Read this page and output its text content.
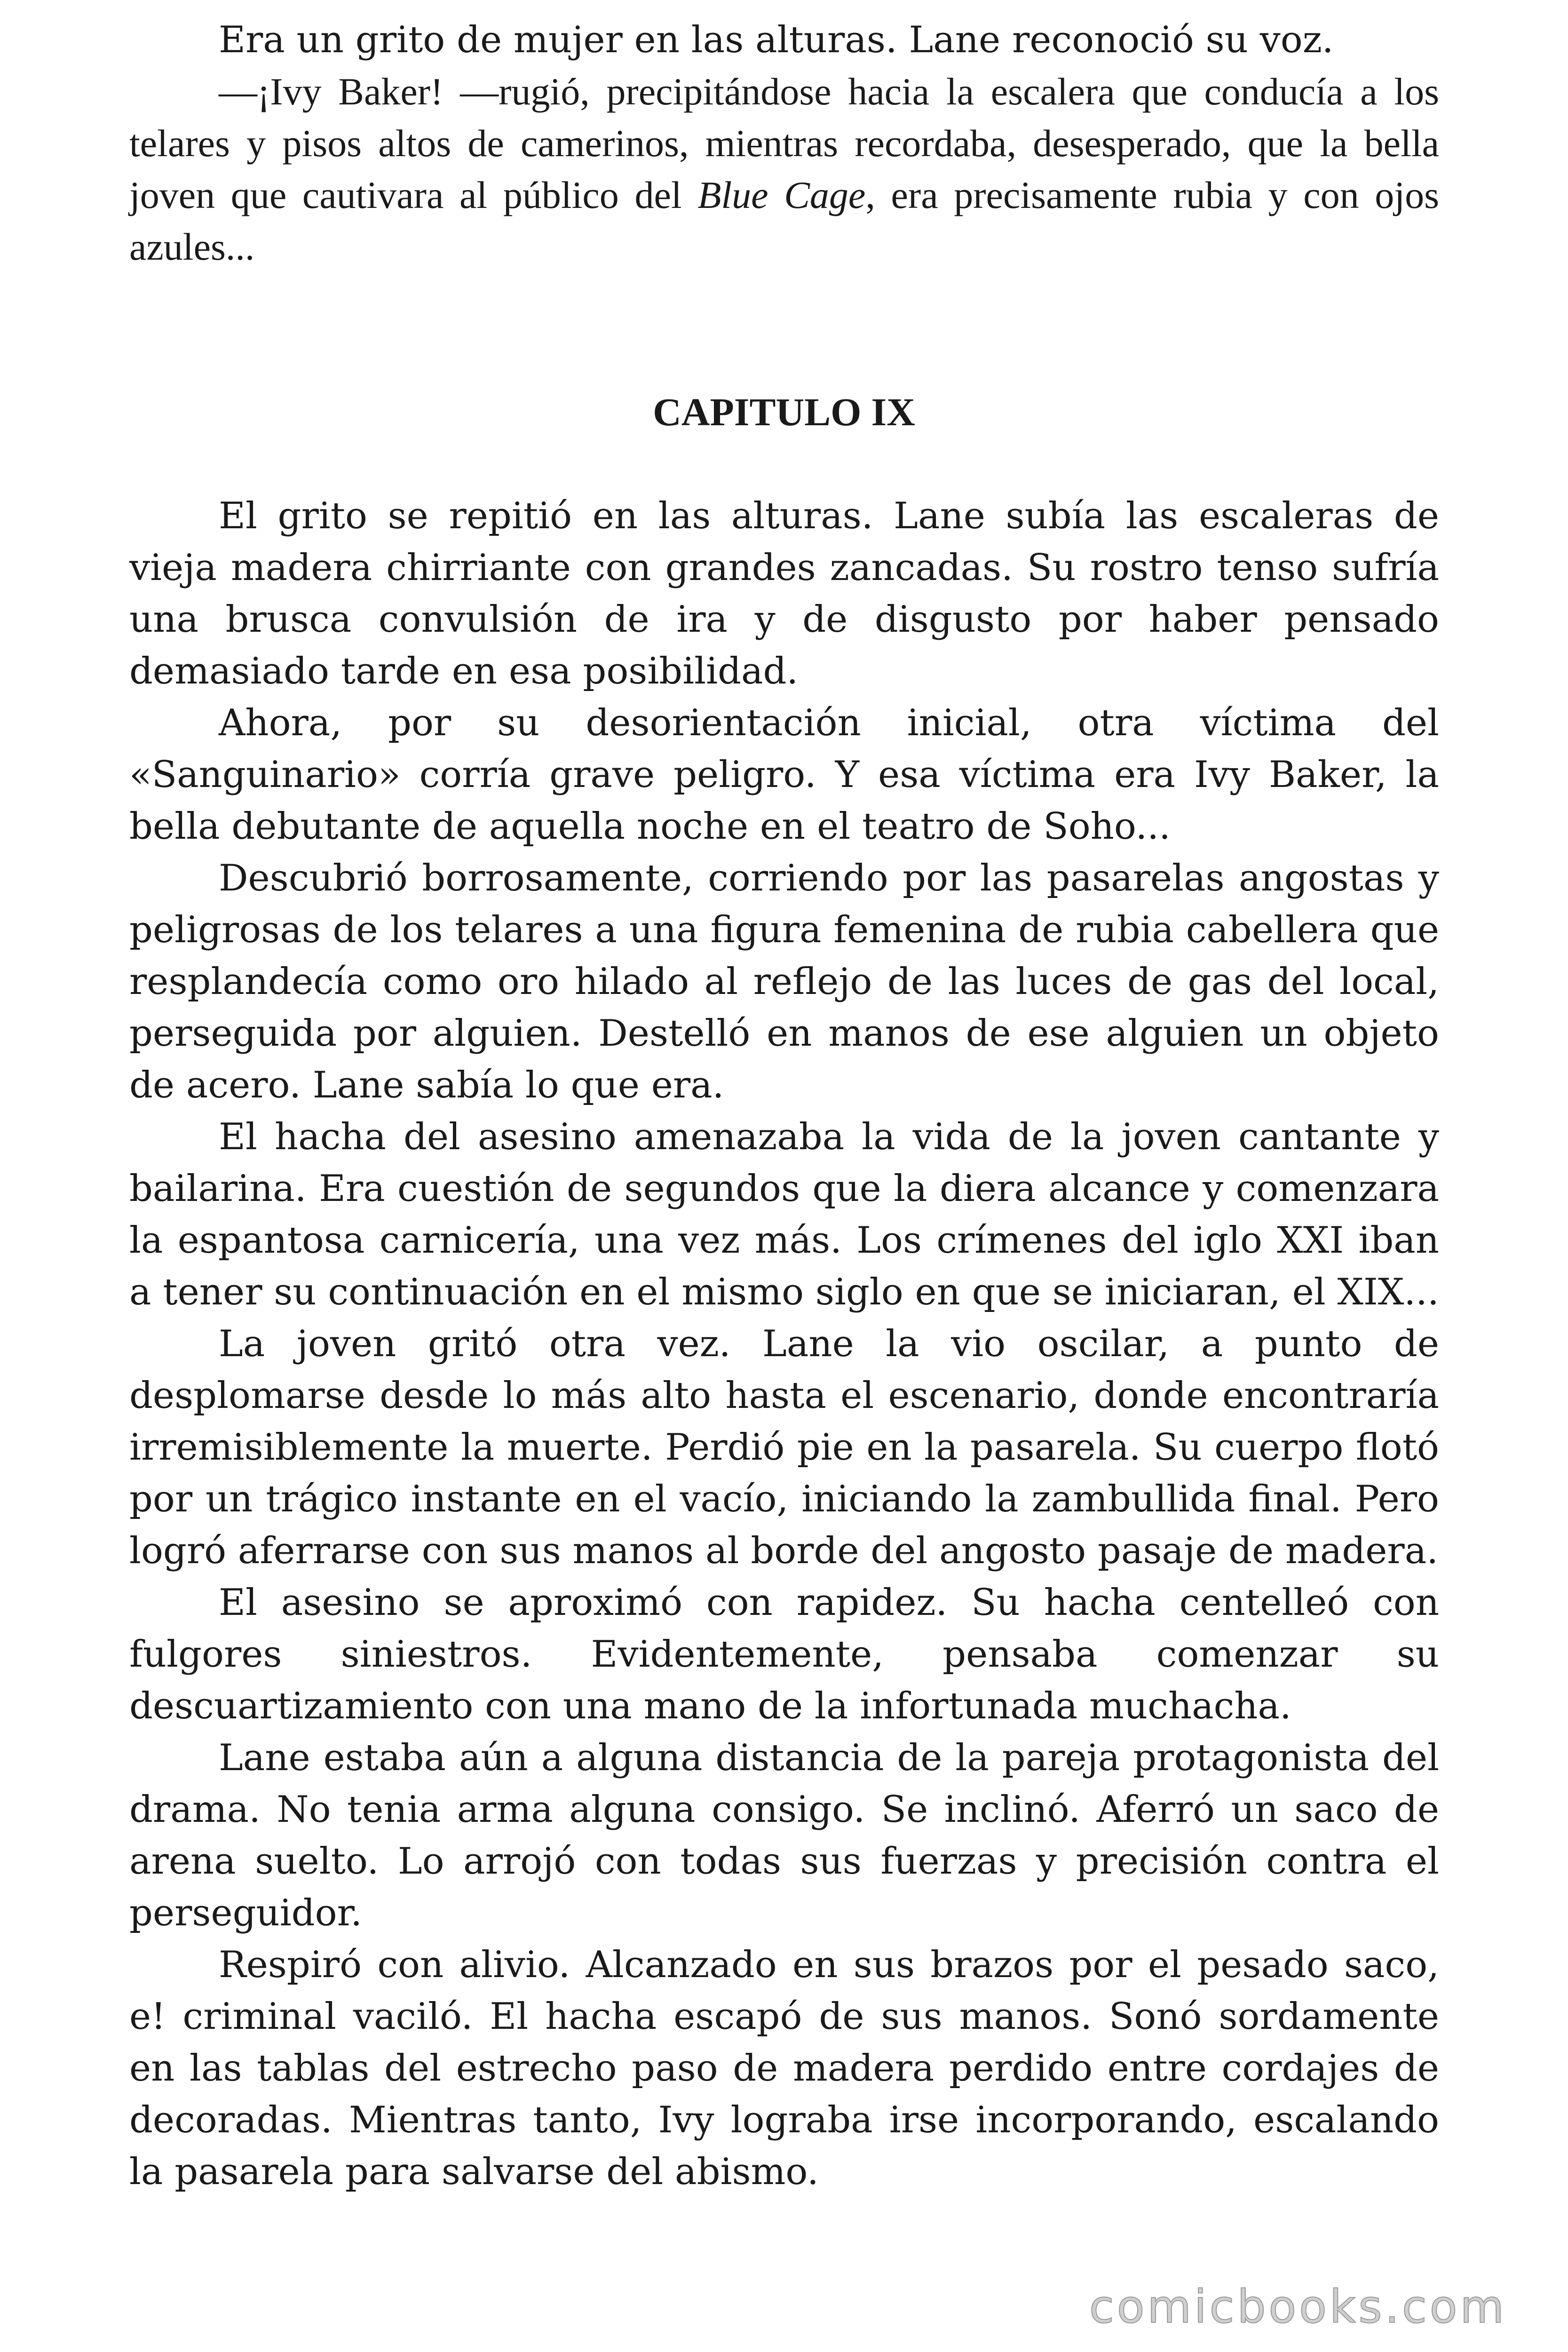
Era un grito de mujer en las alturas. Lane reconoció su voz.

—¡Ivy Baker! —rugió, precipitándose hacia la escalera que conducía a los telares y pisos altos de camerinos, mientras recordaba, desesperado, que la bella joven que cautivara al público del Blue Cage, era precisamente rubia y con ojos azules...

CAPITULO IX

El grito se repitió en las alturas. Lane subía las escaleras de vieja madera chirriante con grandes zancadas. Su rostro tenso sufría una brusca convulsión de ira y de disgusto por haber pensado demasiado tarde en esa posibilidad.

Ahora, por su desorientación inicial, otra víctima del «Sanguinario» corría grave peligro. Y esa víctima era Ivy Baker, la bella debutante de aquella noche en el teatro de Soho...

Descubrió borrosamente, corriendo por las pasarelas angostas y peligrosas de los telares a una figura femenina de rubia cabellera que resplandecía como oro hilado al reflejo de las luces de gas del local, perseguida por alguien. Destelló en manos de ese alguien un objeto de acero. Lane sabía lo que era.

El hacha del asesino amenazaba la vida de la joven cantante y bailarina. Era cuestión de segundos que la diera alcance y comenzara la espantosa carnicería, una vez más. Los crímenes del iglo XXI iban a tener su continuación en el mismo siglo en que se iniciaran, el XIX...

La joven gritó otra vez. Lane la vio oscilar, a punto de desplomarse desde lo más alto hasta el escenario, donde encontraría irremisiblemente la muerte. Perdió pie en la pasarela. Su cuerpo flotó por un trágico instante en el vacío, iniciando la zambullida final. Pero logró aferrarse con sus manos al borde del angosto pasaje de madera.

El asesino se aproximó con rapidez. Su hacha centelleó con fulgores siniestros. Evidentemente, pensaba comenzar su descuartizamiento con una mano de la infortunada muchacha.

Lane estaba aún a alguna distancia de la pareja protagonista del drama. No tenia arma alguna consigo. Se inclinó. Aferró un saco de arena suelto. Lo arrojó con todas sus fuerzas y precisión contra el perseguidor.

Respiró con alivio. Alcanzado en sus brazos por el pesado saco, e! criminal vaciló. El hacha escapó de sus manos. Sonó sordamente en las tablas del estrecho paso de madera perdido entre cordajes de decoradas. Mientras tanto, Ivy lograba irse incorporando, escalando la pasarela para salvarse del abismo.

comicbooks.com
